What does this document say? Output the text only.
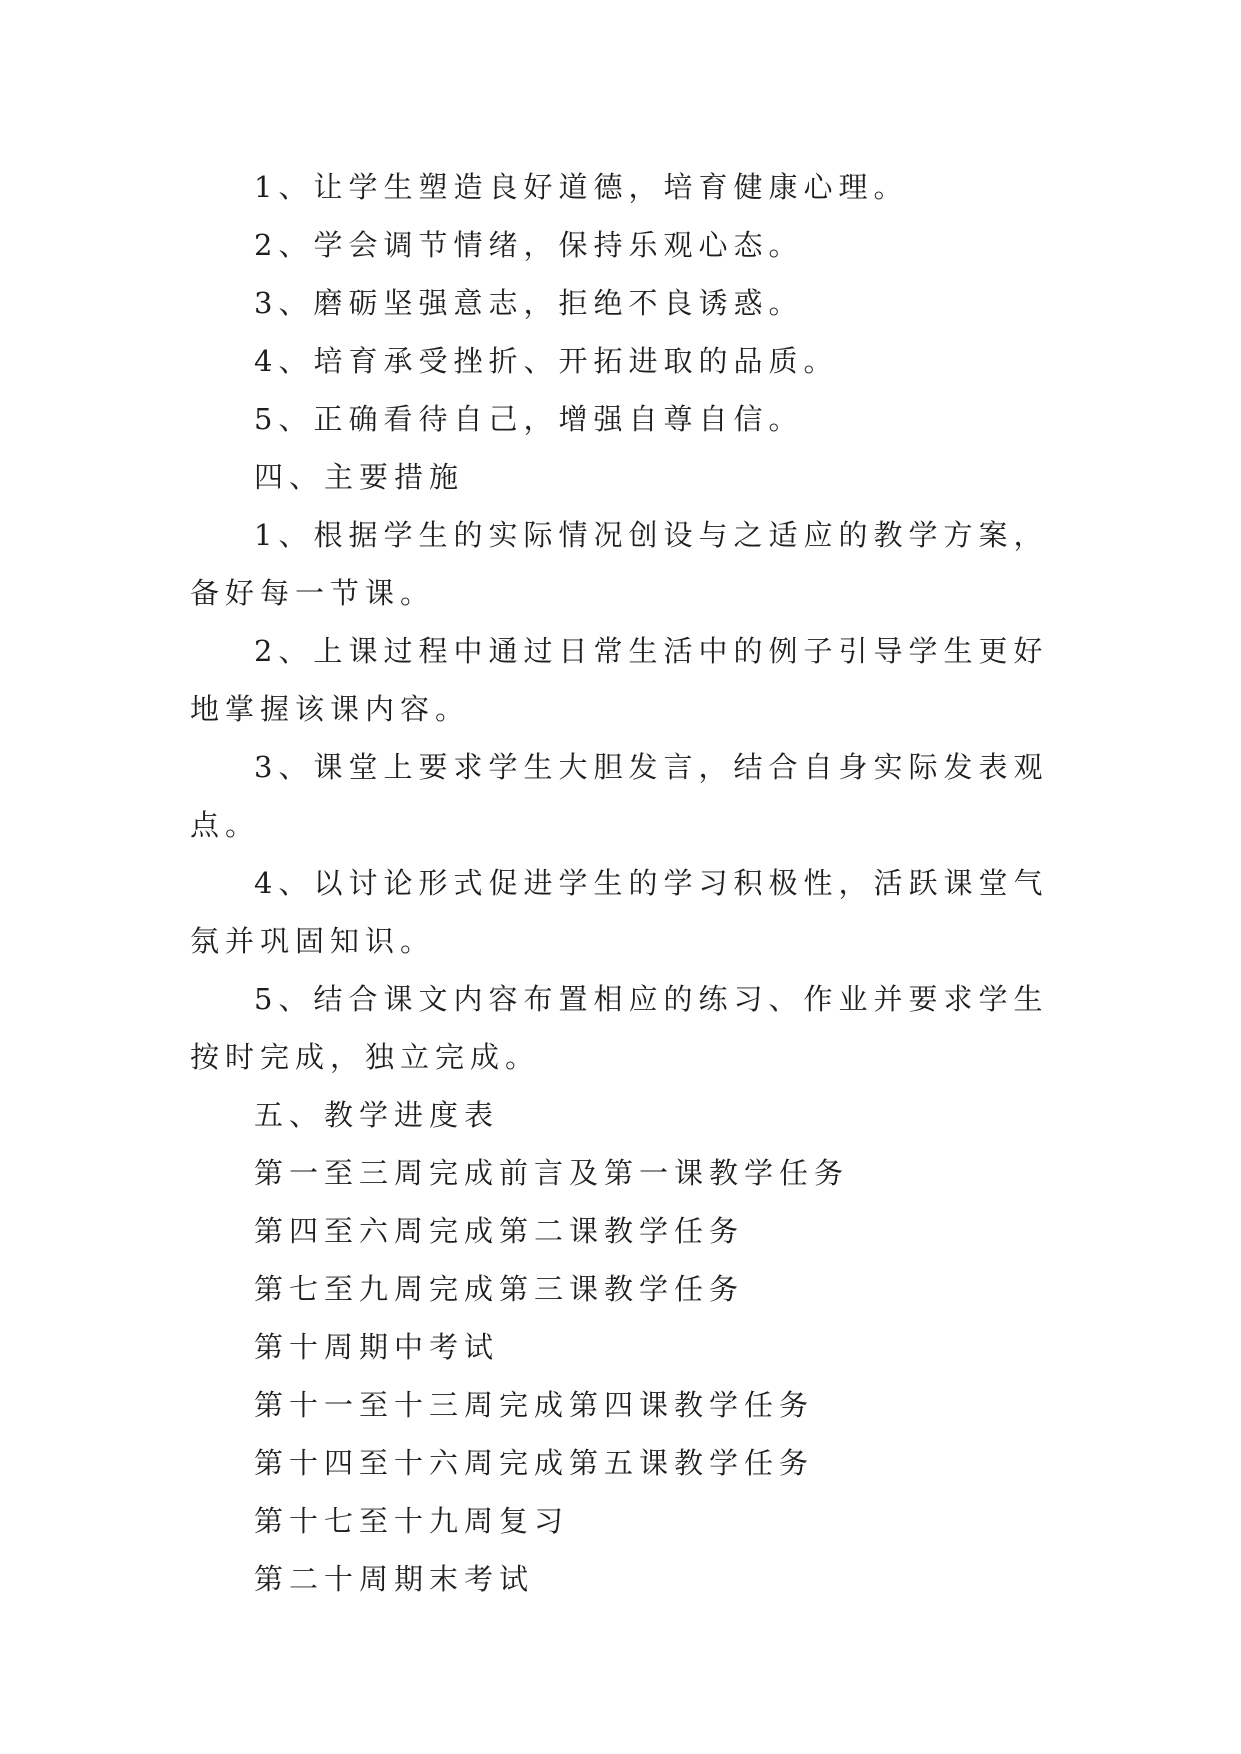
1、让学生塑造良好道德，培育健康心理。

2、学会调节情绪，保持乐观心态。

3、磨砺坚强意志，拒绝不良诱惑。

4、培育承受挫折、开拓进取的品质。

5、正确看待自己，增强自尊自信。

四、主要措施

1、根据学生的实际情况创设与之适应的教学方案，备好每一节课。

2、上课过程中通过日常生活中的例子引导学生更好地掌握该课内容。

3、课堂上要求学生大胆发言，结合自身实际发表观点。

4、以讨论形式促进学生的学习积极性，活跃课堂气氛并巩固知识。

5、结合课文内容布置相应的练习、作业并要求学生按时完成，独立完成。

五、教学进度表

第一至三周完成前言及第一课教学任务

第四至六周完成第二课教学任务

第七至九周完成第三课教学任务

第十周期中考试

第十一至十三周完成第四课教学任务

第十四至十六周完成第五课教学任务

第十七至十九周复习

第二十周期末考试
